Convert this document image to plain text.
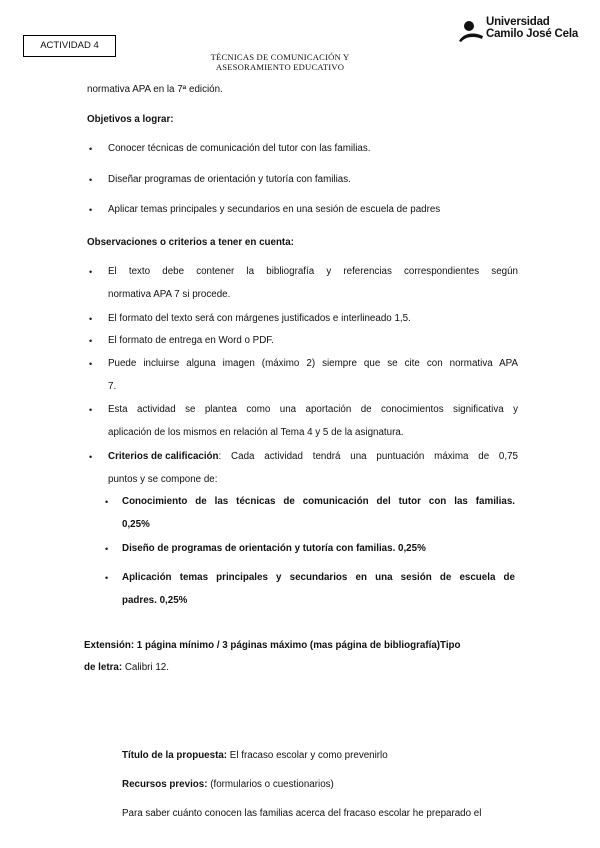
ACTIVIDAD 4
TÉCNICAS DE COMUNICACIÓN Y
ASESORAMIENTO EDUCATIVO
Universidad
Camilo José Cela
normativa APA en la 7ª edición.
Objetivos a lograr:
• Conocer técnicas de comunicación del tutor con las familias.
• Diseñar programas de orientación y tutoría con familias.
• Aplicar temas principales y secundarios en una sesión de escuela de padres
Observaciones o criterios a tener en cuenta:
• El texto debe contener la bibliografía y referencias correspondientes según
normativa APA 7 si procede.
• El formato del texto será con márgenes justificados e interlineado 1,5.
• El formato de entrega en Word o PDF.
• Puede incluirse alguna imagen (máximo 2) siempre que se cite con normativa APA
7.
• Esta actividad se plantea como una aportación de conocimientos significativa y
aplicación de los mismos en relación al Tema 4 y 5 de la asignatura.
• Criterios de calificación : Cada actividad tendrá una puntuación máxima de 0,75
puntos y se compone de:
• Conocimiento de las técnicas de comunicación del tutor con las familias.
0,25%
• Diseño de programas de orientación y tutoría con familias. 0,25%
• Aplicación temas principales y secundarios en una sesión de escuela de
padres. 0,25%
Extensión: 1 página mínimo / 3 páginas máximo (mas página de bibliografía)Tipo
de letra: Calibri 12.
Título de la propuesta: El fracaso escolar y como prevenirlo
Recursos previos: (formularios o cuestionarios)
Para saber cuánto conocen las familias acerca del fracaso escolar he preparado el
